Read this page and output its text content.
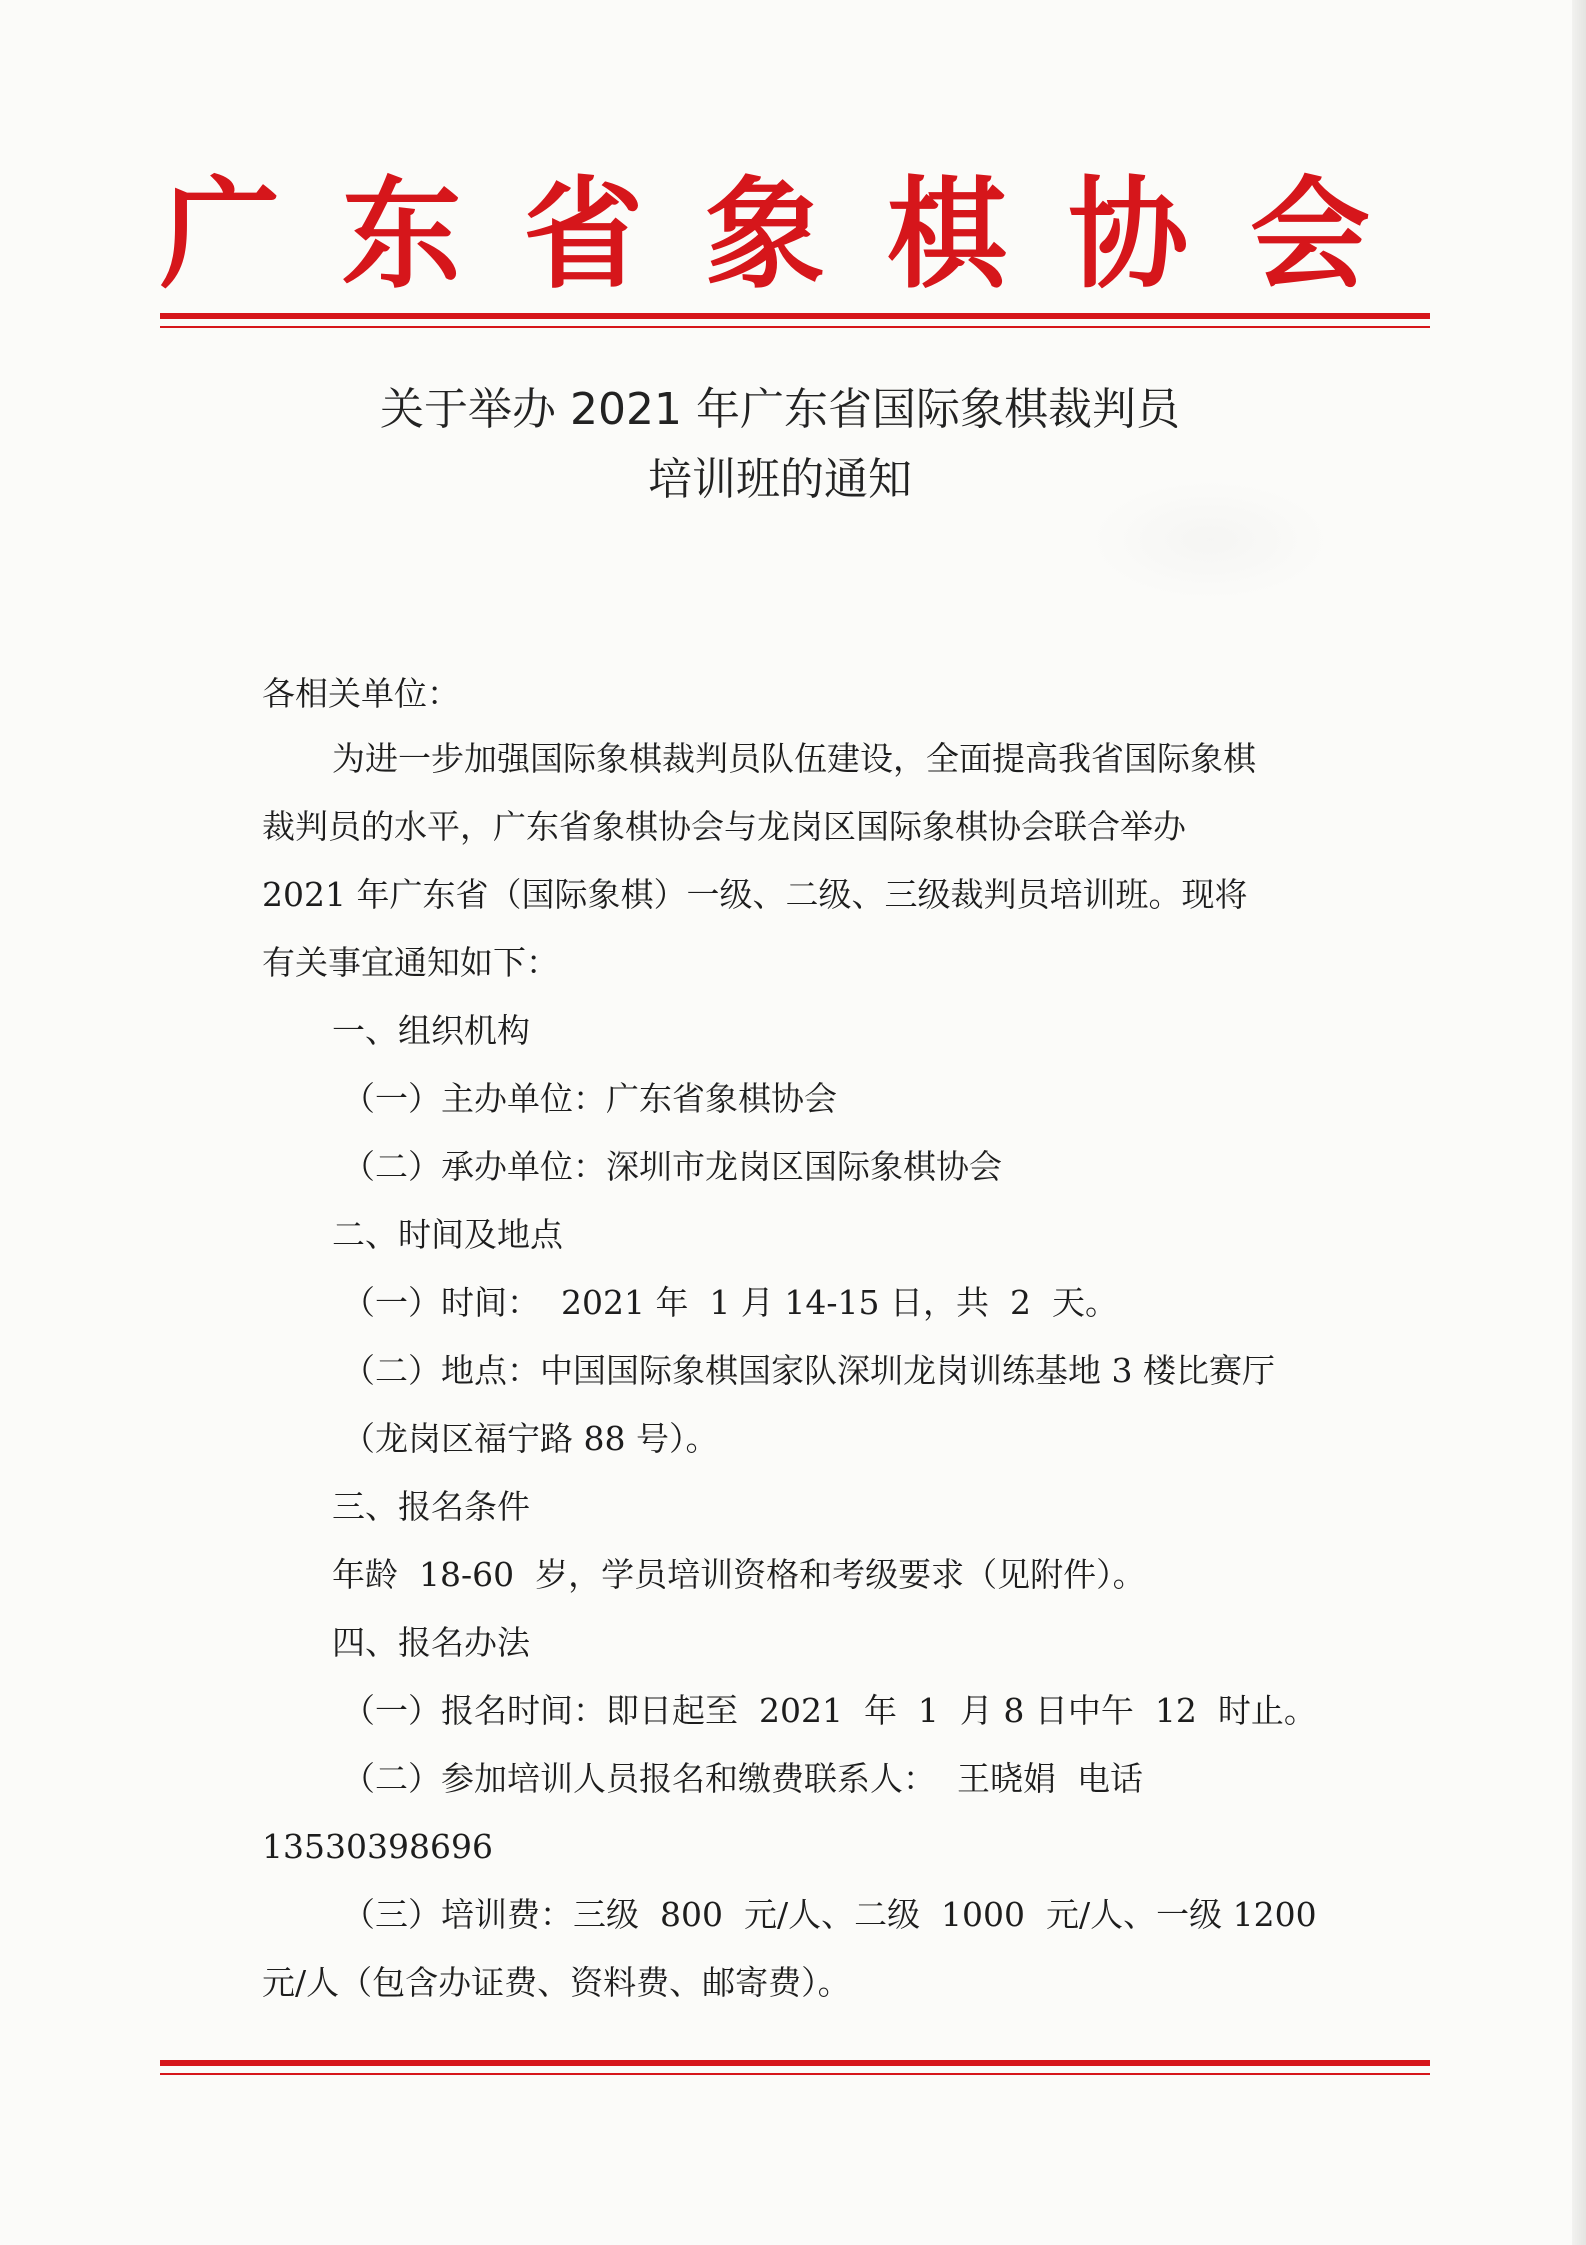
广 东 省 象 棋 协 会
关于举办 2021 年广东省国际象棋裁判员
培训班的通知
各相关单位：
为进一步加强国际象棋裁判员队伍建设，全面提高我省国际象棋
裁判员的水平，广东省象棋协会与龙岗区国际象棋协会联合举办
2021 年广东省（国际象棋）一级、二级、三级裁判员培训班。现将
有关事宜通知如下：
一、组织机构
（一）主办单位：广东省象棋协会
（二）承办单位：深圳市龙岗区国际象棋协会
二、时间及地点
（一）时间：  2021 年  1 月 14-15 日，共  2  天。
（二）地点：中国国际象棋国家队深圳龙岗训练基地 3 楼比赛厅
（龙岗区福宁路 88 号）。
三、报名条件
年龄  18-60  岁，学员培训资格和考级要求（见附件）。
四、报名办法
（一）报名时间：即日起至  2021  年  1  月 8 日中午  12  时止。
（二）参加培训人员报名和缴费联系人：  王晓娟  电话
13530398696
（三）培训费：三级  800  元/人、二级  1000  元/人、一级 1200
元/人（包含办证费、资料费、邮寄费）。
